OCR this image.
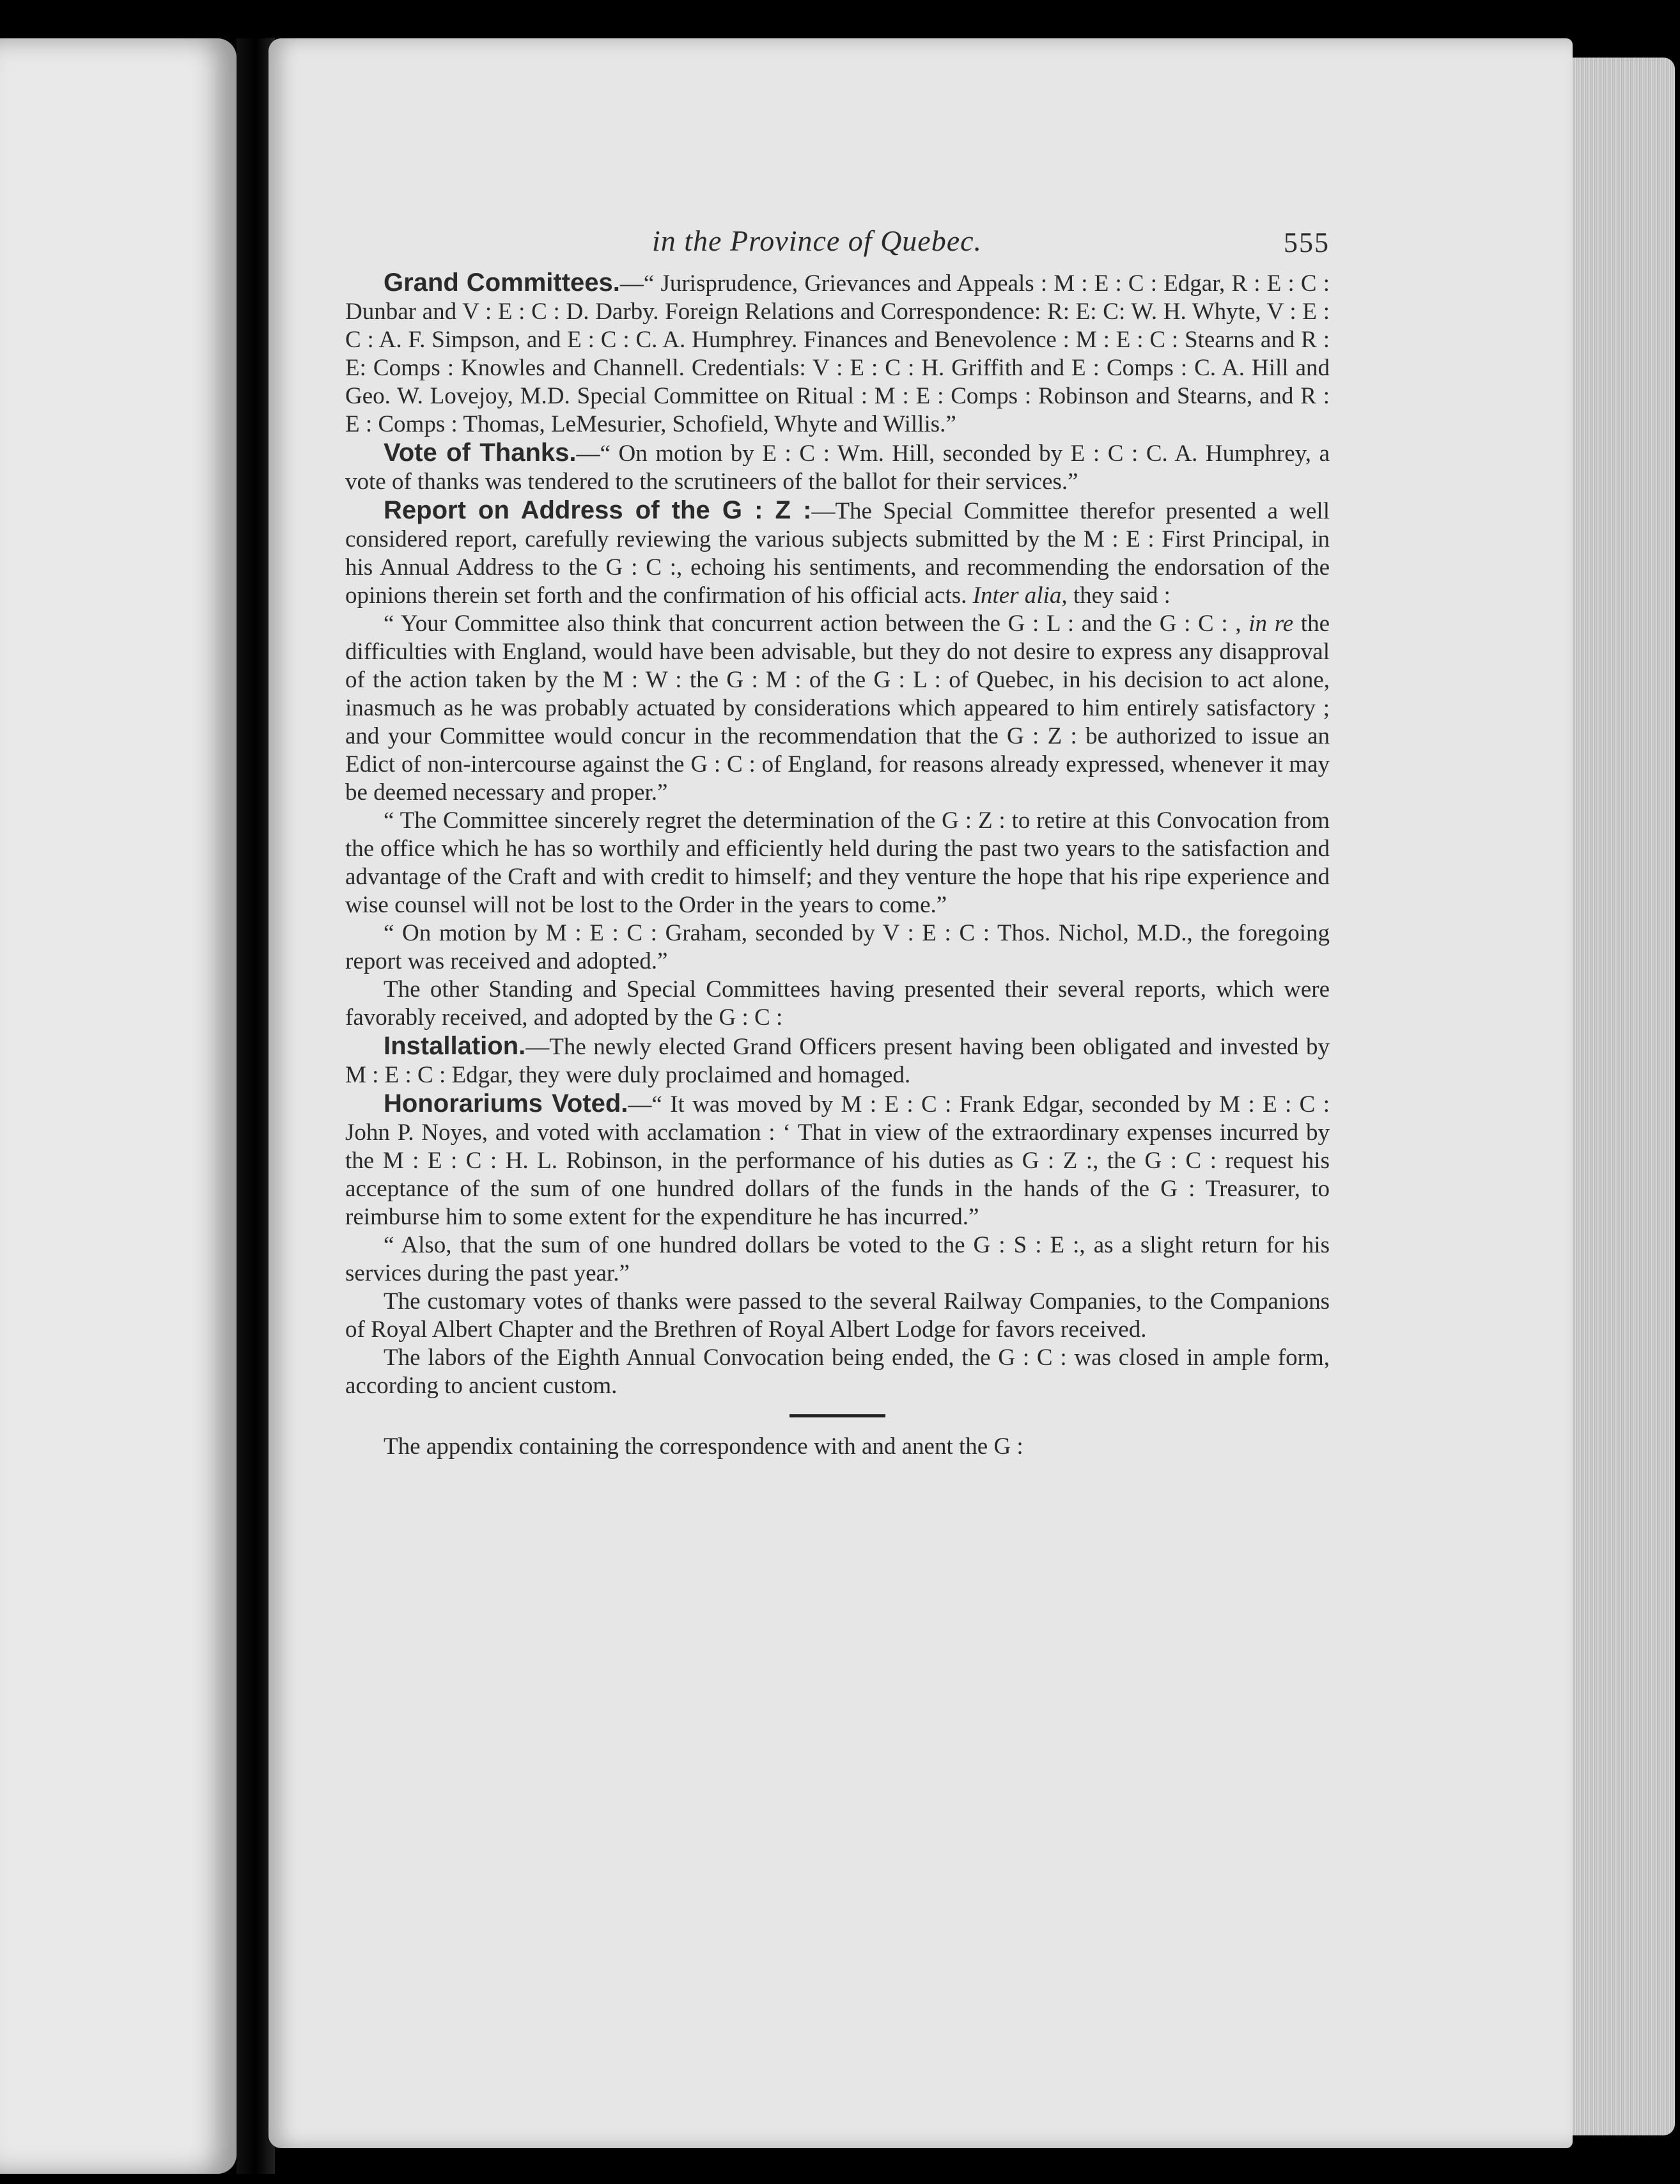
in the Province of Quebec.	555

Grand Committees.—“ Jurisprudence, Grievances and Appeals : M : E : C : Edgar, R : E : C : Dunbar and V : E : C : D. Darby. Foreign Relations and Correspondence: R: E: C: W. H. Whyte, V : E : C : A. F. Simpson, and E : C : C. A. Humphrey. Finances and Benevolence : M : E : C : Stearns and R : E: Comps : Knowles and Channell. Credentials: V : E : C : H. Griffith and E : Comps : C. A. Hill and Geo. W. Lovejoy, M.D. Special Committee on Ritual : M : E : Comps : Robinson and Stearns, and R : E : Comps : Thomas, LeMesurier, Schofield, Whyte and Willis.”

Vote of Thanks.—“ On motion by E : C : Wm. Hill, seconded by E : C : C. A. Humphrey, a vote of thanks was tendered to the scrutineers of the ballot for their services.”

Report on Address of the G : Z :—The Special Committee therefor presented a well considered report, carefully reviewing the various subjects submitted by the M : E : First Principal, in his Annual Address to the G : C :, echoing his sentiments, and recommending the endorsation of the opinions therein set forth and the confirmation of his official acts. Inter alia, they said :

“ Your Committee also think that concurrent action between the G : L : and the G : C : , in re the difficulties with England, would have been advisable, but they do not desire to express any disapproval of the action taken by the M : W : the G : M : of the G : L : of Quebec, in his decision to act alone, inasmuch as he was probably actuated by considerations which appeared to him entirely satisfactory ; and your Committee would concur in the recommendation that the G : Z : be authorized to issue an Edict of non-intercourse against the G : C : of England, for reasons already expressed, whenever it may be deemed necessary and proper.”

“ The Committee sincerely regret the determination of the G : Z : to retire at this Convocation from the office which he has so worthily and efficiently held during the past two years to the satisfaction and advantage of the Craft and with credit to himself; and they venture the hope that his ripe experience and wise counsel will not be lost to the Order in the years to come.”

“ On motion by M : E : C : Graham, seconded by V : E : C : Thos. Nichol, M.D., the foregoing report was received and adopted.”

The other Standing and Special Committees having presented their several reports, which were favorably received, and adopted by the G : C :

Installation.—The newly elected Grand Officers present having been obligated and invested by M : E : C : Edgar, they were duly proclaimed and homaged.

Honorariums Voted.—“ It was moved by M : E : C : Frank Edgar, seconded by M : E : C : John P. Noyes, and voted with acclamation : ‘ That in view of the extraordinary expenses incurred by the M : E : C : H. L. Robinson, in the performance of his duties as G : Z :, the G : C : request his acceptance of the sum of one hundred dollars of the funds in the hands of the G : Treasurer, to reimburse him to some extent for the expenditure he has incurred.”

“ Also, that the sum of one hundred dollars be voted to the G : S : E :, as a slight return for his services during the past year.”

The customary votes of thanks were passed to the several Railway Companies, to the Companions of Royal Albert Chapter and the Brethren of Royal Albert Lodge for favors received.

The labors of the Eighth Annual Convocation being ended, the G : C : was closed in ample form, according to ancient custom.

The appendix containing the correspondence with and anent the G :
